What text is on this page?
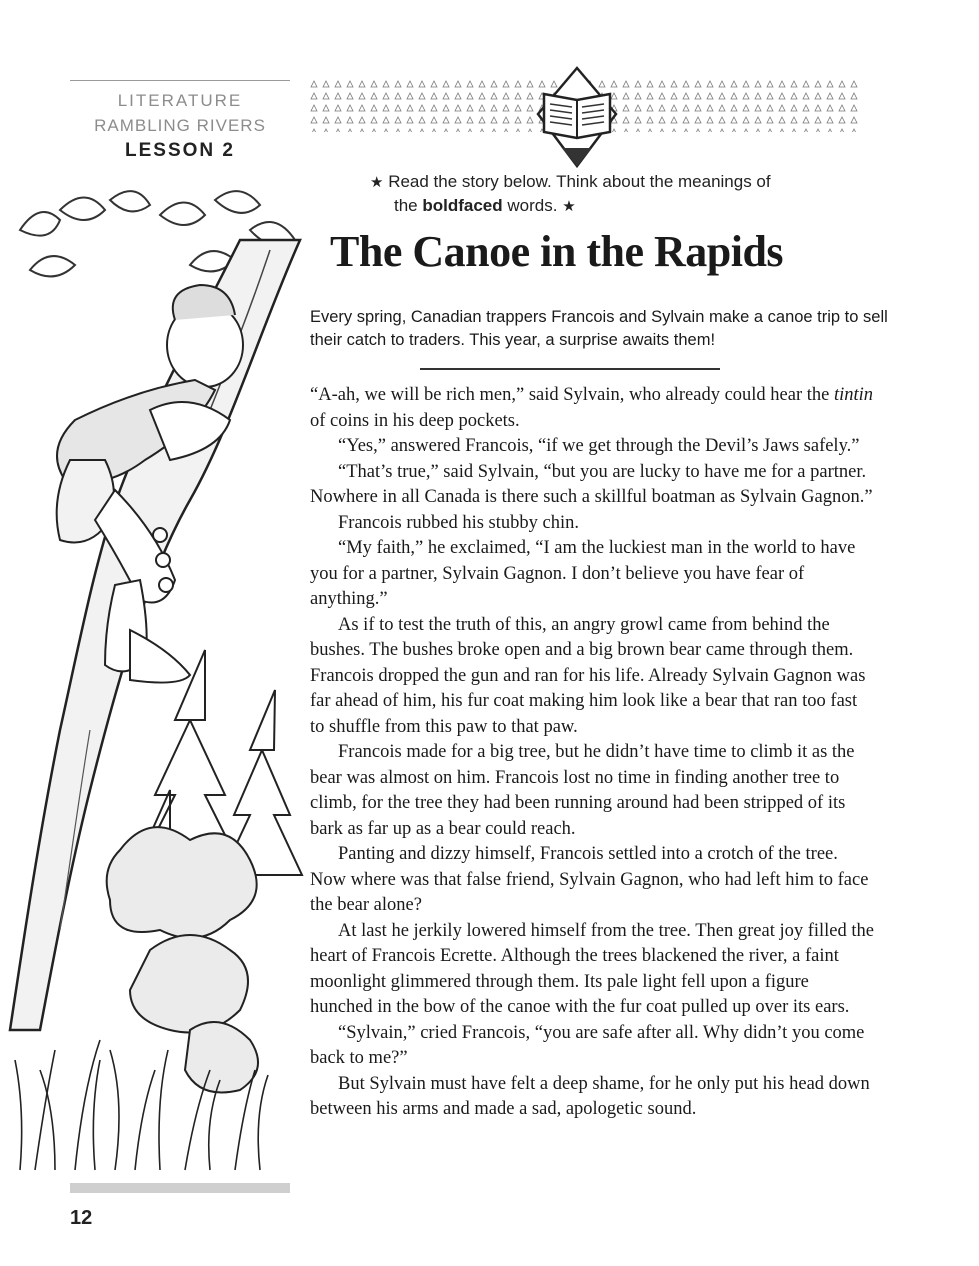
LITERATURE
RAMBLING RIVERS
LESSON 2
★ Read the story below. Think about the meanings of
the boldfaced words. ★
The Canoe in the Rapids
Every spring, Canadian trappers Francois and Sylvain make a canoe trip to sell their catch to traders. This year, a surprise awaits them!

“A-ah, we will be rich men,” said Sylvain, who already could hear the tintin of coins in his deep pockets.

“Yes,” answered Francois, “if we get through the Devil’s Jaws safely.”

“That’s true,” said Sylvain, “but you are lucky to have me for a partner. Nowhere in all Canada is there such a skillful boatman as Sylvain Gagnon.”

Francois rubbed his stubby chin.

“My faith,” he exclaimed, “I am the luckiest man in the world to have you for a partner, Sylvain Gagnon. I don’t believe you have fear of anything.”

As if to test the truth of this, an angry growl came from behind the bushes. The bushes broke open and a big brown bear came through them. Francois dropped the gun and ran for his life. Already Sylvain Gagnon was far ahead of him, his fur coat making him look like a bear that ran too fast to shuffle from this paw to that paw.

Francois made for a big tree, but he didn’t have time to climb it as the bear was almost on him. Francois lost no time in finding another tree to climb, for the tree they had been running around had been stripped of its bark as far up as a bear could reach.

Panting and dizzy himself, Francois settled into a crotch of the tree. Now where was that false friend, Sylvain Gagnon, who had left him to face the bear alone?

At last he jerkily lowered himself from the tree. Then great joy filled the heart of Francois Ecrette. Although the trees blackened the river, a faint moonlight glimmered through them. Its pale light fell upon a figure hunched in the bow of the canoe with the fur coat pulled up over its ears.

“Sylvain,” cried Francois, “you are safe after all. Why didn’t you come back to me?”

But Sylvain must have felt a deep shame, for he only put his head down between his arms and made a sad, apologetic sound.

12
